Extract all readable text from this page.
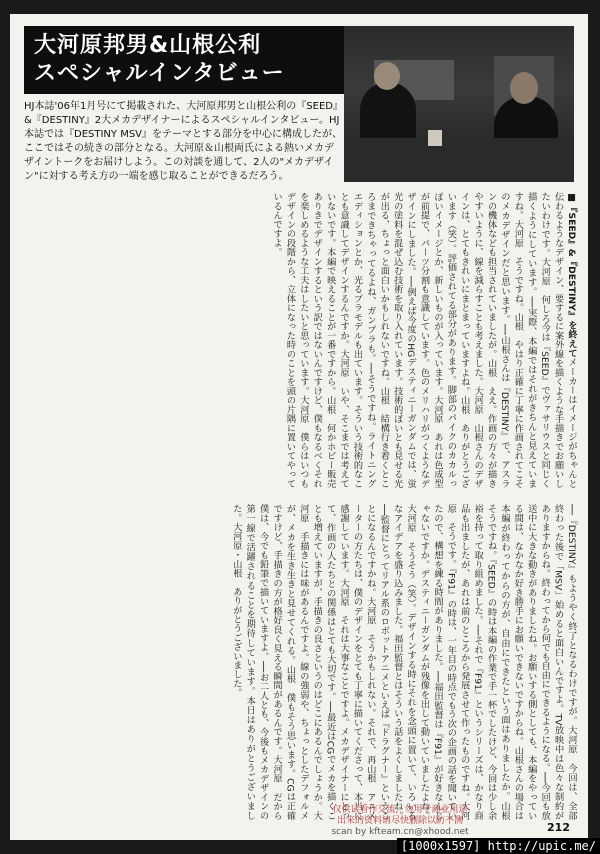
大河原邦男&山根公利
スペシャルインタビュー

HJ本誌'06年1月号にて掲載された、大河原邦男と山根公利の『SEED』&『DESTINY』2大メカデザイナーによるスペシャルインタビュー。HJ本誌では『DESTINY MSV』をテーマとする部分を中心に構成したが、ここではその続きの部分となる。大河原＆山根両氏による熱いメカデザイントークをお届けしよう。この対談を通して、2人の"メカデザイン"に対する考え方の一端を感じ取ることができるだろう。

■『SEED』&『DESTINY』を終えてメーカーはイメージがちゃんと伝わるようなデザイン、要するに案外線を描くような手描きでお願いしたいわけです。大河原　何しろ今は『SEED』でヴァサリウスと同じく描くようにしています。──実際、本編ではそれがきちんと見えていますね。大河原　そうですね。山根　やはり正確に丁寧に作画されてこそのメカデザインだと思います。──山根さんは『DESTINY』で、アスランの機体なども担当されていましたが。山根　ええ。作画の方々が描きやすいように、線を減らすことも考えました。大河原　山根さんのデザインは、とてもきれいにまとまっていますよね。山根　ありがとうございます（笑）。評価されてる部分があります。脚部のパイクのカカルっぽいイメージとか、新しいものが入っています。大河原　あれは色成型が前提で、パーツ分割も意識しています。色のメリハリがつくようなデザインにしました。──例えば今度のHGデスティニーガンダムでは、蛍光の塗料を混ぜ込む技術を取り入れています。技術的ぽいとも見せる光が出る、ちょっと面白いかもしれないですね。山根　結構行き着くところまできちゃってるよね、ガンプラも。──そうですね。ライトニングエディションとか、光るプラモデルも出ています。そういう技術的なことも意識してデザインするんですか。大河原　いや、そこまでは考えていないです。本編で映えることが一番ですから。山根　何かホビー販売ありきでデザインするという訳ではないんですけど、僕もなるべくそれを楽しめるような工夫はしたいと思っています。大河原　僕らはいつもデザインの段階から、立体になった時のことを頭の片隅に置いてやっているんですよ。
──『DESTINY』もようやく終了となるわけですが。大河原　今回は、全部終わった後で「MSV」始めると面白いんですよ。TV放映中は色々な制約がありますからね。終わってから何でも自由にできるようになる。──今回も放送中に大きな動きがありましたね。お願いする側としても、本編をやっている間は、なかなか好き勝手にお願いできないですからね。山根さんの場合は本編が終わってからの方が、自由にできたという面はありましたか。山根　そうですね。『SEED』の時は本編の作業で手一杯でしたけど、今回は少し余裕を持って取り組めました。──それで『F91』というシリーズは、かなり商品も出ましたが、あれは前のところから発展させて作ったものですね。大河原　そうです。『F91』の時は、一年目の時点でもう次の企画の話を聞いていたので、構想を練る時間がありました。──福田監督は『F91』が好きなんじゃないですか。デスティニーガンダムが残像を出して動いていましたよね。大河原　そうそう（笑）。デザインする時にそれを念頭に置いて、いろいろなアイデアを盛り込みました。福田監督とはそういう話をよくしましたね。──監督にとってリアル系のロボットアニメといえば『ドラグナー』ということになるんですかね。大河原　そうかもしれない。それで、再山根　アニメーターの方たちは、僕のデザインをとても丁寧に描いてくださって、本当に感謝しています。大河原　それは大事なことですよ。メカデザイナーにとって、作画の人たちとの関係はとても大切です。──最近はCGでメカを描くことも増えていますが、手描きの良さというのはどこにあるんでしょうか。大河原　手描きには味があるんですよ。線の強弱や、ちょっとしたデフォルメが、メカを生き生きと見せてくれる。山根　僕もそう思います。CGは正確ですけど、手描きの方が格好良く見える瞬間があるんです。大河原　だから僕は、今でも鉛筆で描いていますよ。──お二人とも、今後もメカデザインの第一線で活躍されることを期待しています。本日はありがとうございました。大河原・山根　ありがとうございました。
仅供试看作交流，勿用于商业用途
出来的资料请尽快删除以防不测
scan by kfteam.cn@xhood.net	212
[1000x1597] http://upic.me/
